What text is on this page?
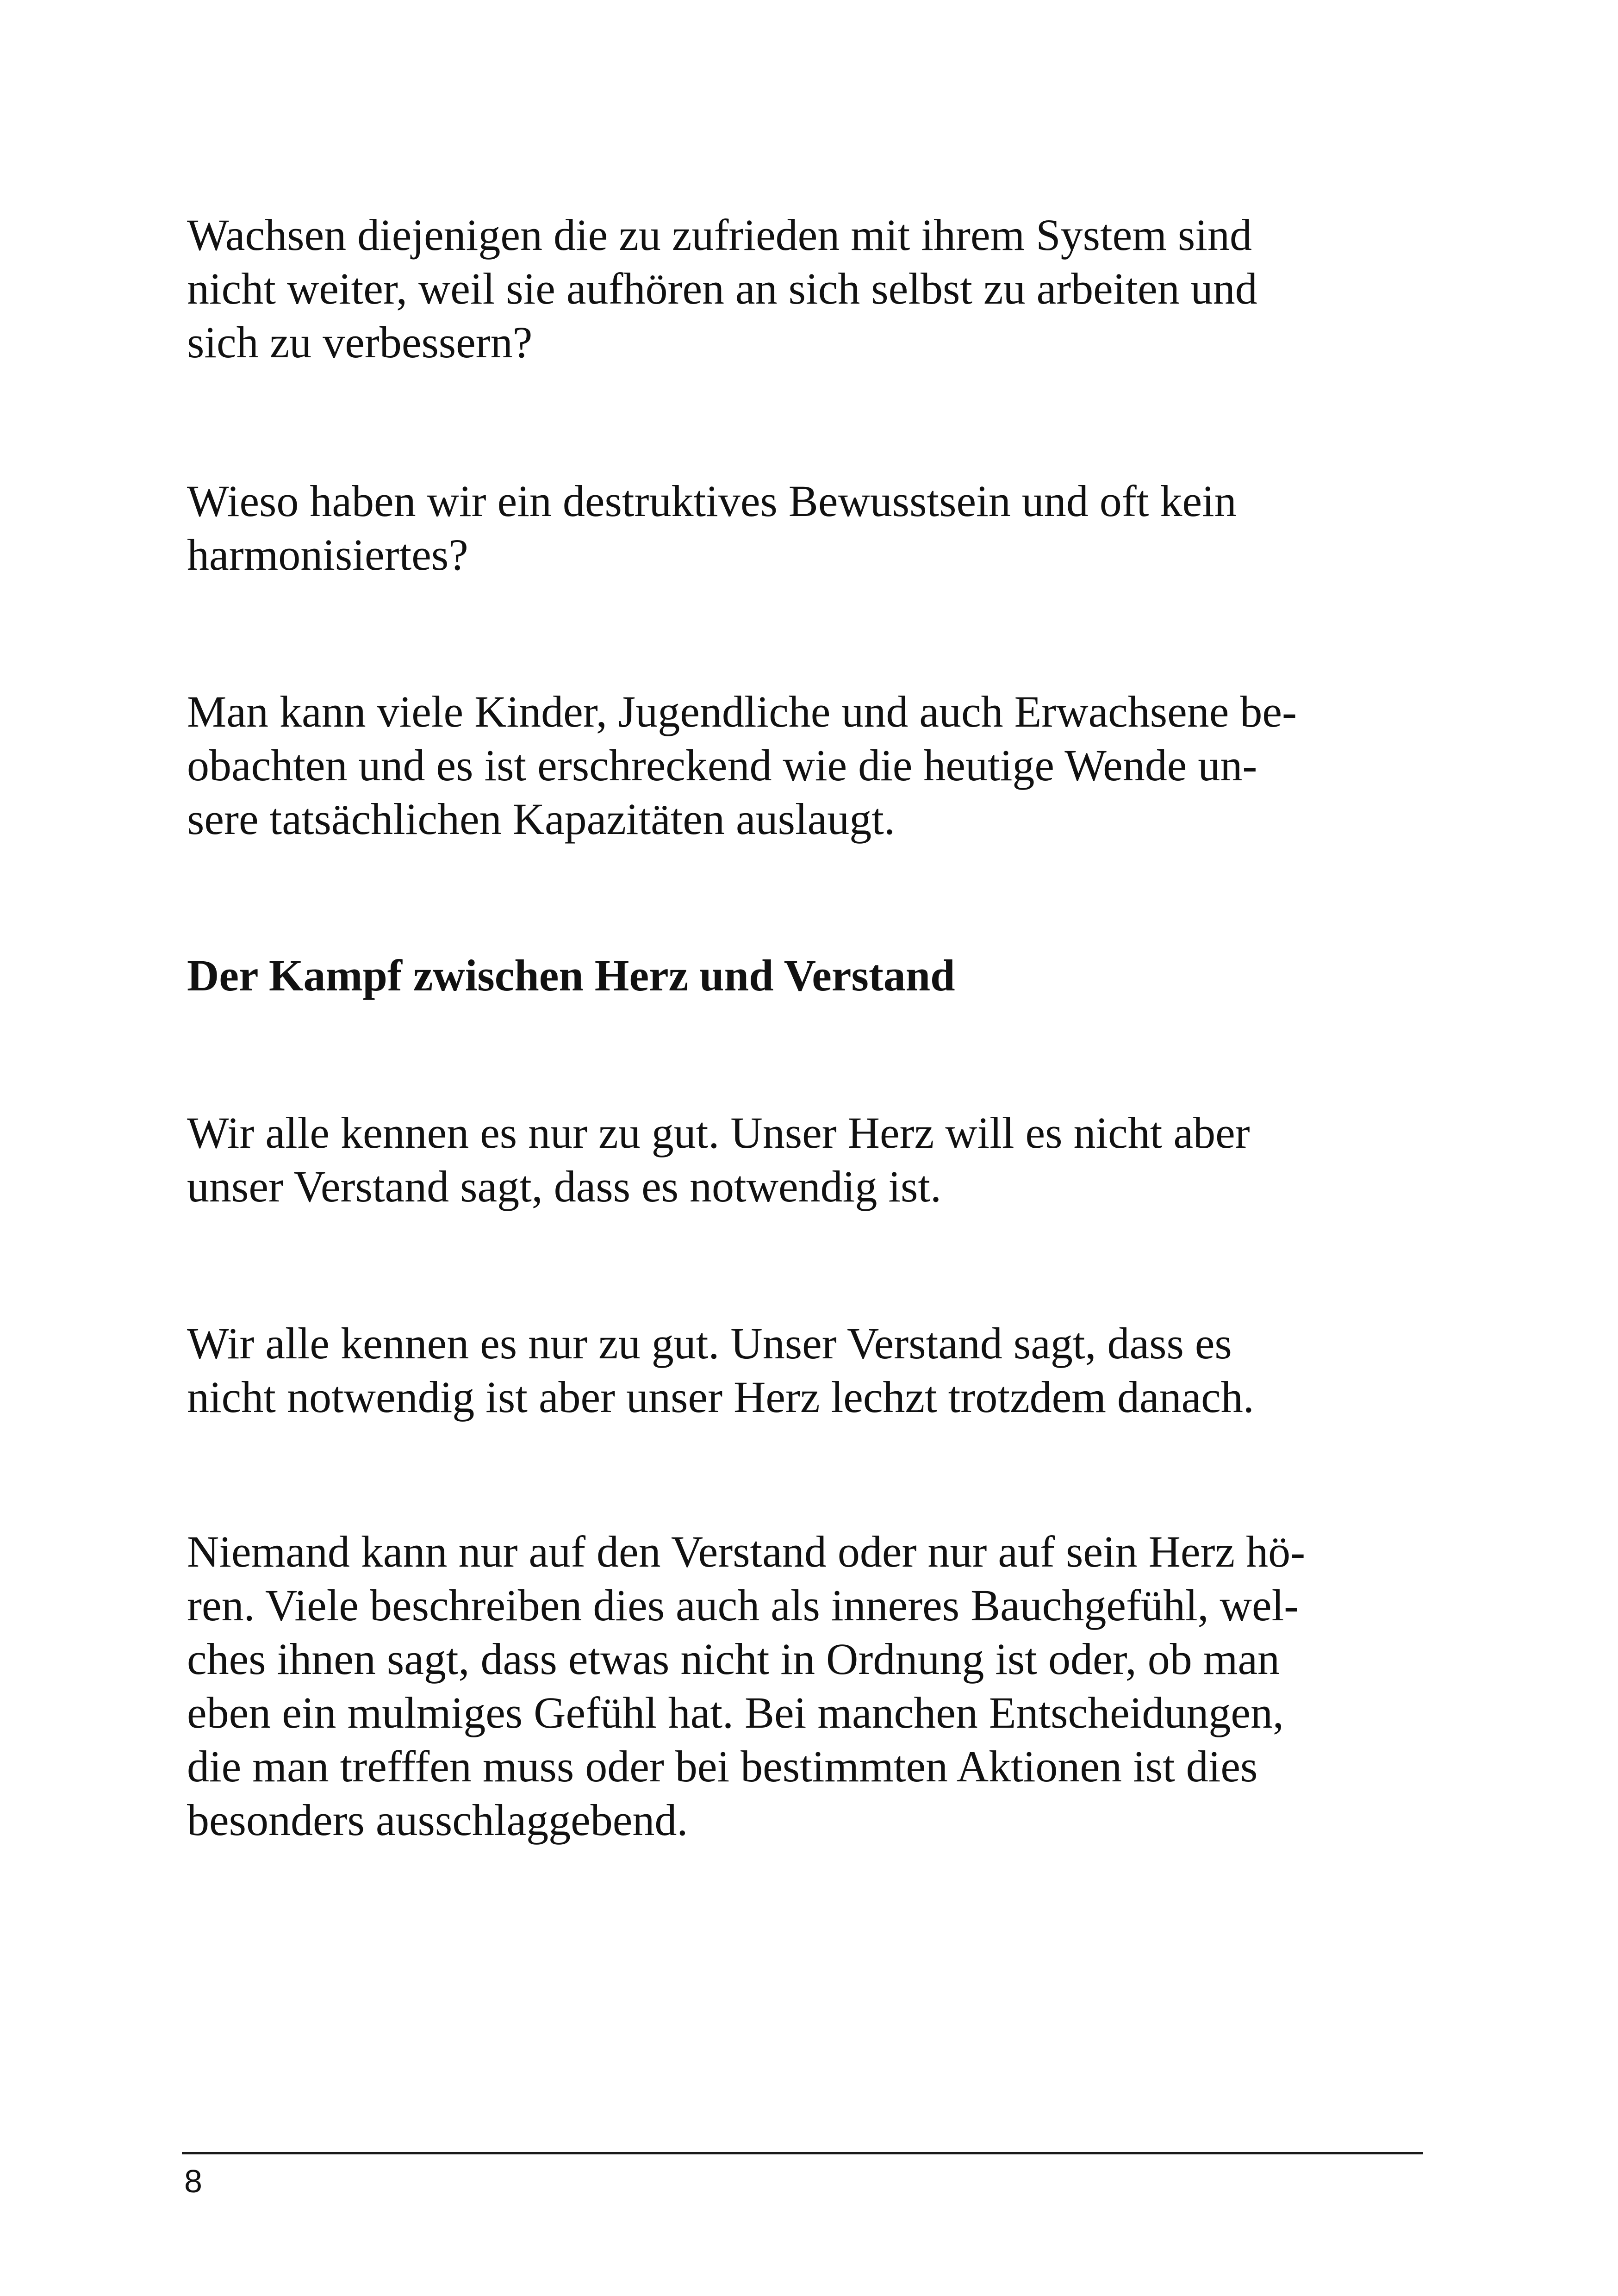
Wachsen diejenigen die zu zufrieden mit ihrem System sind
nicht weiter, weil sie aufhören an sich selbst zu arbeiten und
sich zu verbessern?

Wieso haben wir ein destruktives Bewusstsein und oft kein
harmonisiertes?

Man kann viele Kinder, Jugendliche und auch Erwachsene be-
obachten und es ist erschreckend wie die heutige Wende un-
sere tatsächlichen Kapazitäten auslaugt.

Der Kampf zwischen Herz und Verstand

Wir alle kennen es nur zu gut. Unser Herz will es nicht aber
unser Verstand sagt, dass es notwendig ist.

Wir alle kennen es nur zu gut. Unser Verstand sagt, dass es
nicht notwendig ist aber unser Herz lechzt trotzdem danach.

Niemand kann nur auf den Verstand oder nur auf sein Herz hö-
ren. Viele beschreiben dies auch als inneres Bauchgefühl, wel-
ches ihnen sagt, dass etwas nicht in Ordnung ist oder, ob man
eben ein mulmiges Gefühl hat. Bei manchen Entscheidungen,
die man trefffen muss oder bei bestimmten Aktionen ist dies
besonders ausschlaggebend.

8
